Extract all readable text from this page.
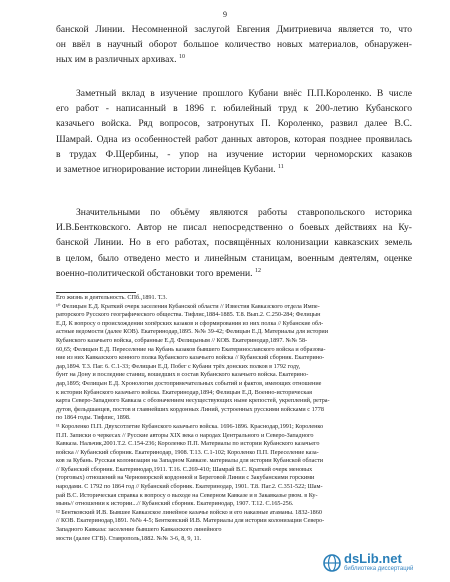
9
банской Линии. Несомненной заслугой Евгения Дмитриевича является то, что
он ввёл в научный оборот большое количество новых материалов, обнаружен-
ных им в различных архивах. $^{10}$
Заметный вклад в изучение прошлого Кубани внёс П.П.Короленко. В числе
его работ - написанный в 1896 г. юбилейный труд к 200-летию Кубанского
казачьего войска. Ряд вопросов, затронутых П. Короленко, развил далее В.С.
Шамрай. Одна из особенностей работ данных авторов, которая позднее проявилась
в трудах Ф.Щербины, - упор на изучение истории черноморских казаков
и заметное игнорирование истории линейцев Кубани. $^{11}$
Значительными по объёму являются работы ставропольского историка
И.В.Бентковского. Автор не писал непосредственно о боевых действиях на Ку-
банской Линии. Но в его работах, посвящённых колонизации кавказских земель
в целом, было отведено место и линейным станицам, военным деятелям, оценке
военно-политической обстановки того времени. $^{12}$
Его жизнь и деятельность. СПб.,1891. Т.3.
¹⁰ Фелицын Е.Д. Краткий очерк заселения Кубанской области // Известия Кавказского отдела Импе-
раторского Русского географического общества. Тифлис,1884-1885. Т.8. Вып.2. С.250-284; Фелицын
Е.Д. К вопросу о происхождении хопёрских казаков и сформирования из них полка // Кубанские обл-
астные ведомости (далее КОВ). Екатеринодар,1895. №№ 39-42; Фелицын Е.Д. Материалы для истории
Кубанского казачьего войска, собранные Е.Д. Фелицыным // КОВ. Екатеринодар,1897. №№ 58-
60,65; Фелицын Е.Д. Переселение на Кубань казаков бывшего Екатеринославского войска и образова-
ние из них Кавказского конного полка Кубанского казачьего войска // Кубанский сборник. Екатерино-
дар,1894. Т.3. Паг. 6. С.1-33; Фелицын Е.Д. Побег с Кубани трёх донских полков в 1792 году,
бунт на Дону и последние станиц, вошедших в состав Кубанского казачьего войска. Екатерино-
дар,1895; Фелицын Е.Д. Хронология достопримечательных событий и фактов, имеющих отношение
к истории Кубанского казачьего войска. Екатеринодар,1894; Фелицын Е.Д. Военно-историческая
карта Северо-Западного Кавказа с обозначением несуществующих ныне крепостей, укреплений, ретра-
дутов, фельдшанцев, постов и главнейших кордонных Линий, устроенных русскими войсками с 1778
по 1864 годы. Тифлис, 1898.
¹¹ Короленко П.П. Двухсотлетие Кубанского казачьего войска. 1696-1896. Краснодар,1991; Короленко
П.П. Записки о черкесах // Русские авторы XIX века о народах Центрального и Северо-Западного
Кавказа. Нальчик,2001.Т.2. С.154-236; Короленко П.П. Материалы по истории Кубанского казачьего
войска // Кубанский сборник. Екатеринодар, 1908. Т.13. С.1-102; Короленко П.П. Переселение каза-
ков за Кубань. Русская колонизация на Западном Кавказе. материалы для истории Кубанской области
// Кубанский сборник. Екатеринодар,1911. Т.16. С.269-410; Шамрай В.С. Краткий очерк меновых
(торговых) отношений на Черноморской кордонной и Береговой Линии с Закубанскими горскими
народами. С 1792 по 1864 год // Кубанский сборник. Екатеринодар, 1901. Т.8. Паг.2. С.351-522; Шам-
рай В.С. Историческая справка к вопросу о выходе на Северном Кавказе и в Закавказье рвом. в Ку-
мынь// отношении к истории...// Кубанский сборник. Екатеринодар, 1907. Т.12. С.165-256.
¹² Бентковский И.В. Бывшее Кавказское линейное казачье войско и его наказные атаманы. 1832-1860
// КОВ. Екатеринодар,1891. №№ 4-5; Бентковский И.В. Материалы для истории колонизации Северо-
Западного Кавказа: заселение бывшего Кавказского линейного
мости (далее СГВ). Ставрополь,1882. №№ 3-6, 8, 9, 11.
dsLib.net
библиотека диссертаций
